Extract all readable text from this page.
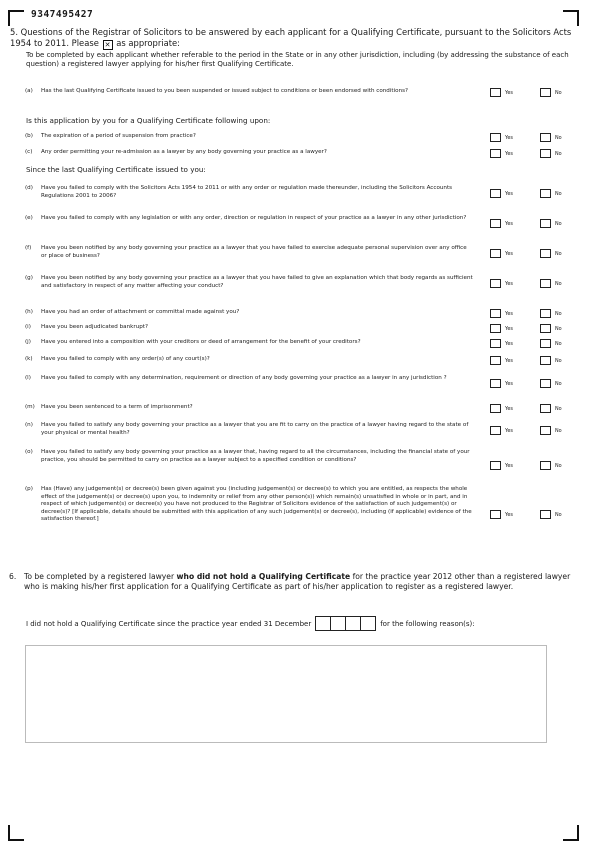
9347495427
5. Questions of the Registrar of Solicitors to be answered by each applicant for a Qualifying Certificate, pursuant to the Solicitors Acts 1954 to 2011. Please ✕ as appropriate:
To be completed by each applicant whether referable to the period in the State or in any other jurisdiction, including (by addressing the substance of each question) a registered lawyer applying for his/her first Qualifying Certificate.
Is this application by you for a Qualifying Certificate following upon:
Since the last Qualifying Certificate issued to you:
(a)	Has the last Qualifying Certificate issued to you been suspended or issued subject to conditions or been endorsed with conditions?	Yes	No
(b)	The expiration of a period of suspension from practice?	Yes	No
(c)	Any order permitting your re-admission as a lawyer by any body governing your practice as a lawyer?	Yes	No
(d)	Have you failed to comply with the Solicitors Acts 1954 to 2011 or with any order or regulation made thereunder, including the Solicitors Accounts Regulations 2001 to 2006?	Yes	No
(e)	Have you failed to comply with any legislation or with any order, direction or regulation in respect of your practice as a lawyer in any other jurisdiction?
Yes	No
(f)	Have you been notified by any body governing your practice as a lawyer that you have failed to exercise adequate personal supervision over any office or place of business?	Yes	No
(g)	Have you been notified by any body governing your practice as a lawyer that you have failed to give an explanation which that body regards as sufficient and satisfactory in respect of any matter affecting your conduct?	Yes	No
(h)	Have you had an order of attachment or committal made against you?	Yes	No
(i)	Have you been adjudicated bankrupt?	Yes	No
(j)	Have you entered into a composition with your creditors or deed of arrangement for the benefit of your creditors?	Yes	No
(k)	Have you failed to comply with any order(s) of any court(s)?	Yes	No
(l)	Have you failed to comply with any determination, requirement or direction of any body governing your practice as a lawyer in any jurisdiction ?
Yes	No
(m)	Have you been sentenced to a term of imprisonment?	Yes	No
(n)	Have you failed to satisfy any body governing your practice as a lawyer that you are fit to carry on the practice of a lawyer having regard to the state of your physical or mental health?	Yes	No
(o)	Have you failed to satisfy any body governing your practice as a lawyer that, having regard to all the circumstances, including the financial state of your practice, you should be permitted to carry on practice as a lawyer subject to a specified condition or conditions?
Yes	No
(p)	Has (Have) any judgement(s) or decree(s) been given against you (including judgement(s) or decree(s) to which you are entitled, as respects the whole effect of the judgement(s) or decree(s) upon you, to indemnity or relief from any other person(s)) which remain(s) unsatisfied in whole or in part, and in respect of which judgement(s) or decree(s) you have not produced to the Registrar of Solicitors evidence of the satisfaction of such judgement(s) or decree(s)? [If applicable, details should be submitted with this application of any such judgement(s) or decree(s), including (if applicable) evidence of the satisfaction thereof.]
Yes	No
6.	To be completed by a registered lawyer who did not hold a Qualifying Certificate for the practice year 2012 other than a registered lawyer who is making his/her first application for a Qualifying Certificate as part of his/her application to register as a registered lawyer.
I did not hold a Qualifying Certificate since the practice year ended 31 December	for the following reason(s):
